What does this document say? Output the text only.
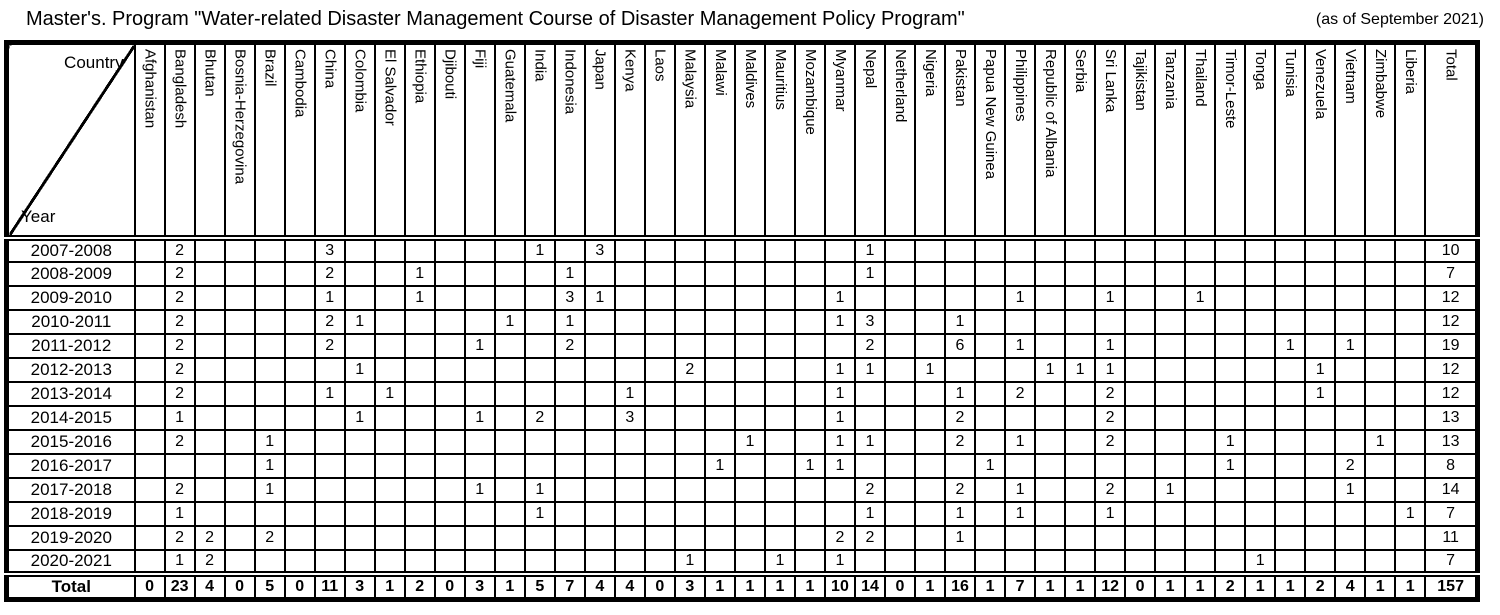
Master's. Program "Water-related Disaster Management Course of Disaster Management Policy Program"	(as of September 2021)
Country
Year	Afghanistan	Bangladesh	Bhutan	Bosnia-Herzegovina	Brazil	Cambodia	China	Colombia	El Salvador	Ethiopia	Djibouti	Fiji	Guatemala	India	Indonesia	Japan	Kenya	Laos	Malaysia	Malawi	Maldives	Mauritius	Mozambique	Myanmar	Nepal	Netherland	Nigeria	Pakistan	Papua New Guinea	Philippines	Republic of Albania	Serbia	Sri Lanka	Tajikistan	Tanzania	Thailand	Timor-Leste	Tonga	Tunisia	Venezuela	Vietnam	Zimbabwe	Liberia	Total
2007-2008		2					3							1		3									1																			10
2008-2009		2					2			1					1										1																			7
2009-2010		2					1			1					3	1								1						1			1			1								12
2010-2011		2					2	1					1		1									1	3			1																12
2011-2012		2					2					1			2										2			6		1			1						1		1			19
2012-2013		2						1											2					1	1		1				1	1	1							1				12
2013-2014		2					1		1								1							1				1		2			2							1				12
2014-2015		1						1				1		2			3							1				2					2											13
2015-2016		2			1																1			1	1			2		1			2				1					1		13
2016-2017					1															1			1	1					1								1				2			8
2017-2018		2			1							1		1											2			2		1			2		1						1			14
2018-2019		1												1											1			1		1			1										1	7
2019-2020		2	2		2																			2	2			1																11
2020-2021		1	2																1			1		1														1						7
Total	0	23	4	0	5	0	11	3	1	2	0	3	1	5	7	4	4	0	3	1	1	1	1	10	14	0	1	16	1	7	1	1	12	0	1	1	2	1	1	2	4	1	1	157
